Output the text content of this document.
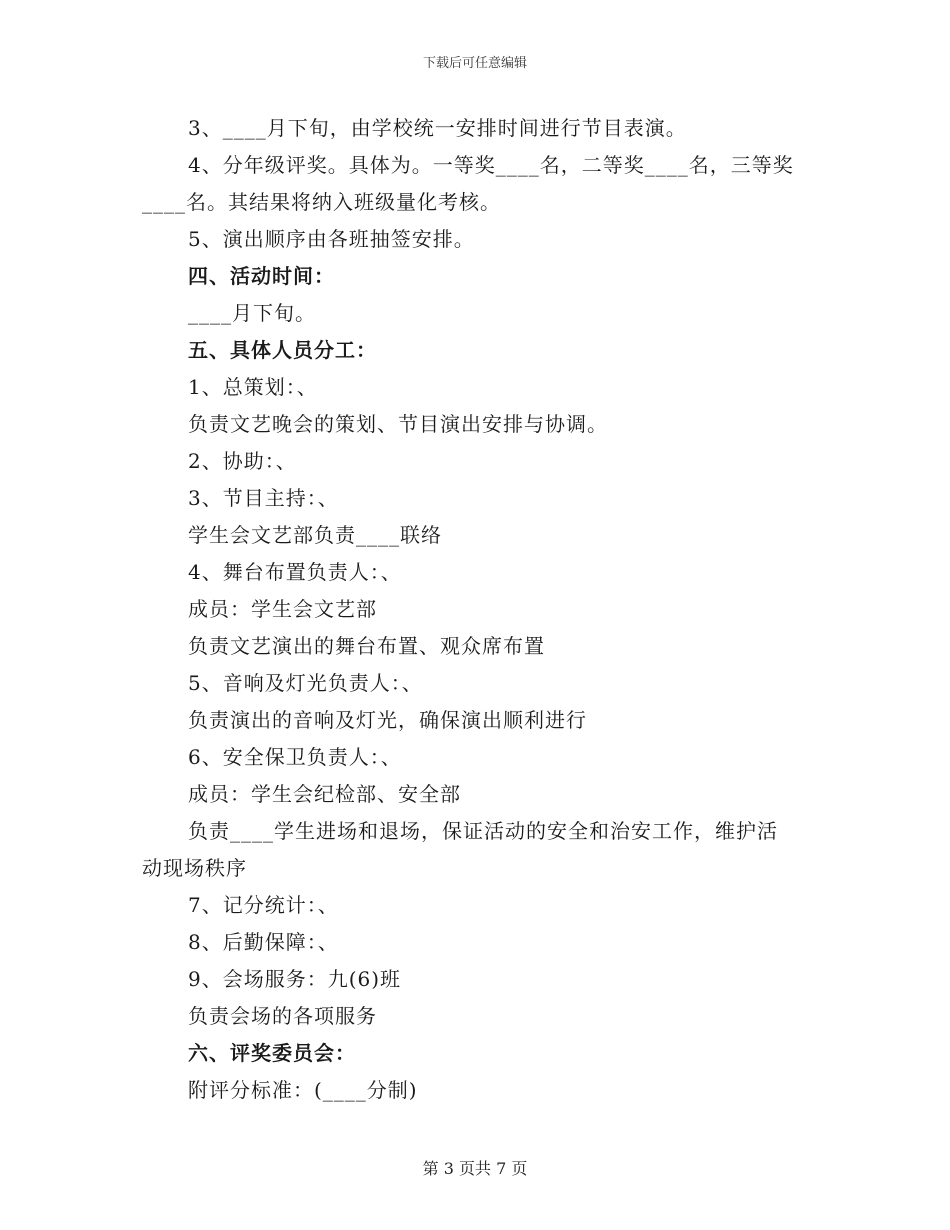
下载后可任意编辑
3、____月下旬，由学校统一安排时间进行节目表演。
4、分年级评奖。具体为。一等奖____名，二等奖____名，三等奖
____名。其结果将纳入班级量化考核。
5、演出顺序由各班抽签安排。
四、活动时间：
____月下旬。
五、具体人员分工：
1、总策划：、
负责文艺晚会的策划、节目演出安排与协调。
2、协助：、
3、节目主持：、
学生会文艺部负责____联络
4、舞台布置负责人：、
成员：学生会文艺部
负责文艺演出的舞台布置、观众席布置
5、音响及灯光负责人：、
负责演出的音响及灯光，确保演出顺利进行
6、安全保卫负责人：、
成员：学生会纪检部、安全部
负责____学生进场和退场，保证活动的安全和治安工作，维护活
动现场秩序
7、记分统计：、
8、后勤保障：、
9、会场服务：九(6)班
负责会场的各项服务
六、评奖委员会：
附评分标准：(____分制)
第 3 页共 7 页
